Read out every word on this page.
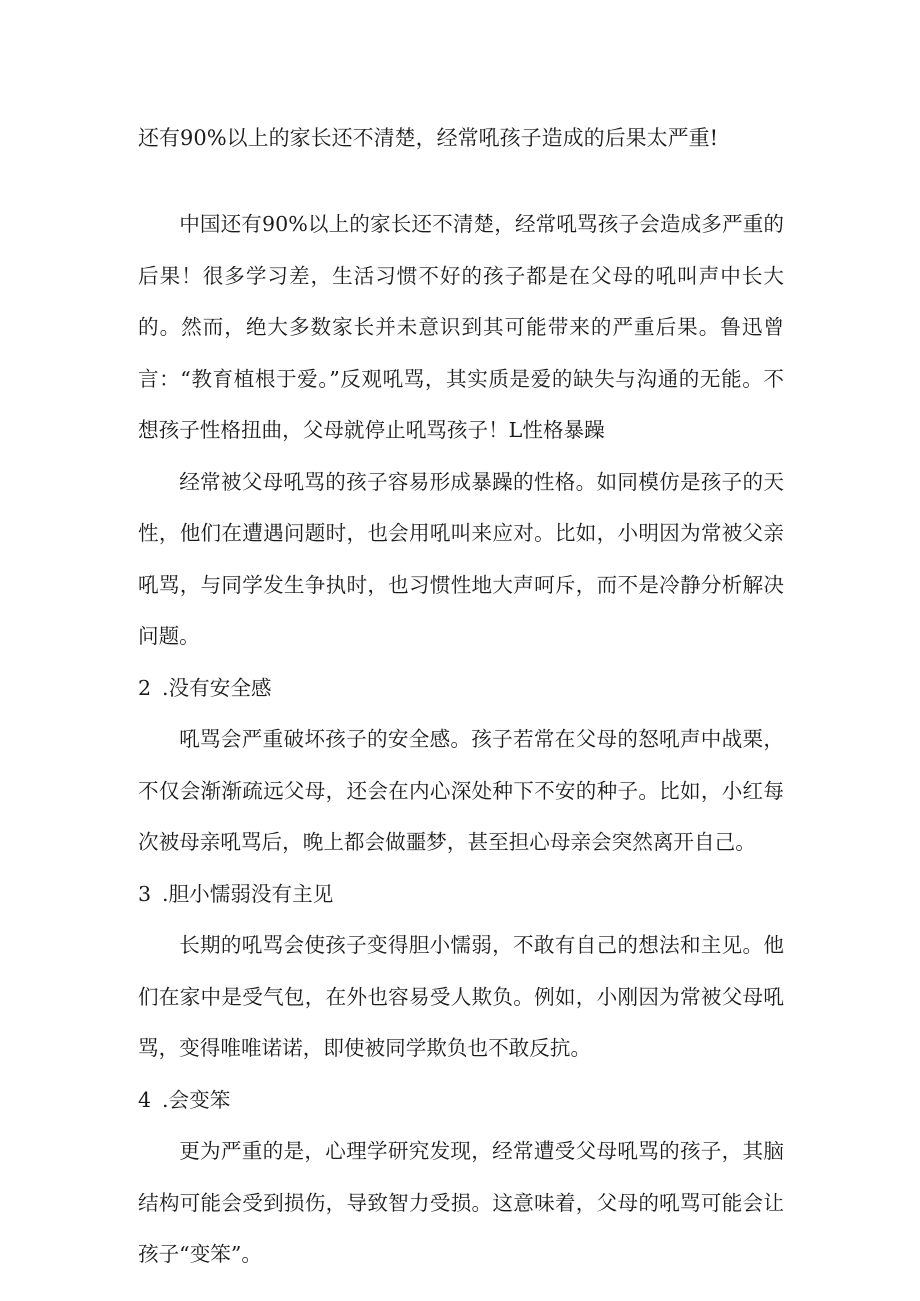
还有90%以上的家长还不清楚，经常吼孩子造成的后果太严重!

中国还有90%以上的家长还不清楚，经常吼骂孩子会造成多严重的后果！很多学习差，生活习惯不好的孩子都是在父母的吼叫声中长大的。然而，绝大多数家长并未意识到其可能带来的严重后果。鲁迅曾言：“教育植根于爱。”反观吼骂，其实质是爱的缺失与沟通的无能。不想孩子性格扭曲，父母就停止吼骂孩子！L性格暴躁

经常被父母吼骂的孩子容易形成暴躁的性格。如同模仿是孩子的天性，他们在遭遇问题时，也会用吼叫来应对。比如，小明因为常被父亲吼骂，与同学发生争执时，也习惯性地大声呵斥，而不是冷静分析解决问题。

2 .没有安全感

吼骂会严重破坏孩子的安全感。孩子若常在父母的怒吼声中战栗，不仅会渐渐疏远父母，还会在内心深处种下不安的种子。比如，小红每次被母亲吼骂后，晚上都会做噩梦，甚至担心母亲会突然离开自己。

3 .胆小懦弱没有主见

长期的吼骂会使孩子变得胆小懦弱，不敢有自己的想法和主见。他们在家中是受气包，在外也容易受人欺负。例如，小刚因为常被父母吼骂，变得唯唯诺诺，即使被同学欺负也不敢反抗。

4 .会变笨

更为严重的是，心理学研究发现，经常遭受父母吼骂的孩子，其脑结构可能会受到损伤，导致智力受损。这意味着，父母的吼骂可能会让孩子“变笨”。
